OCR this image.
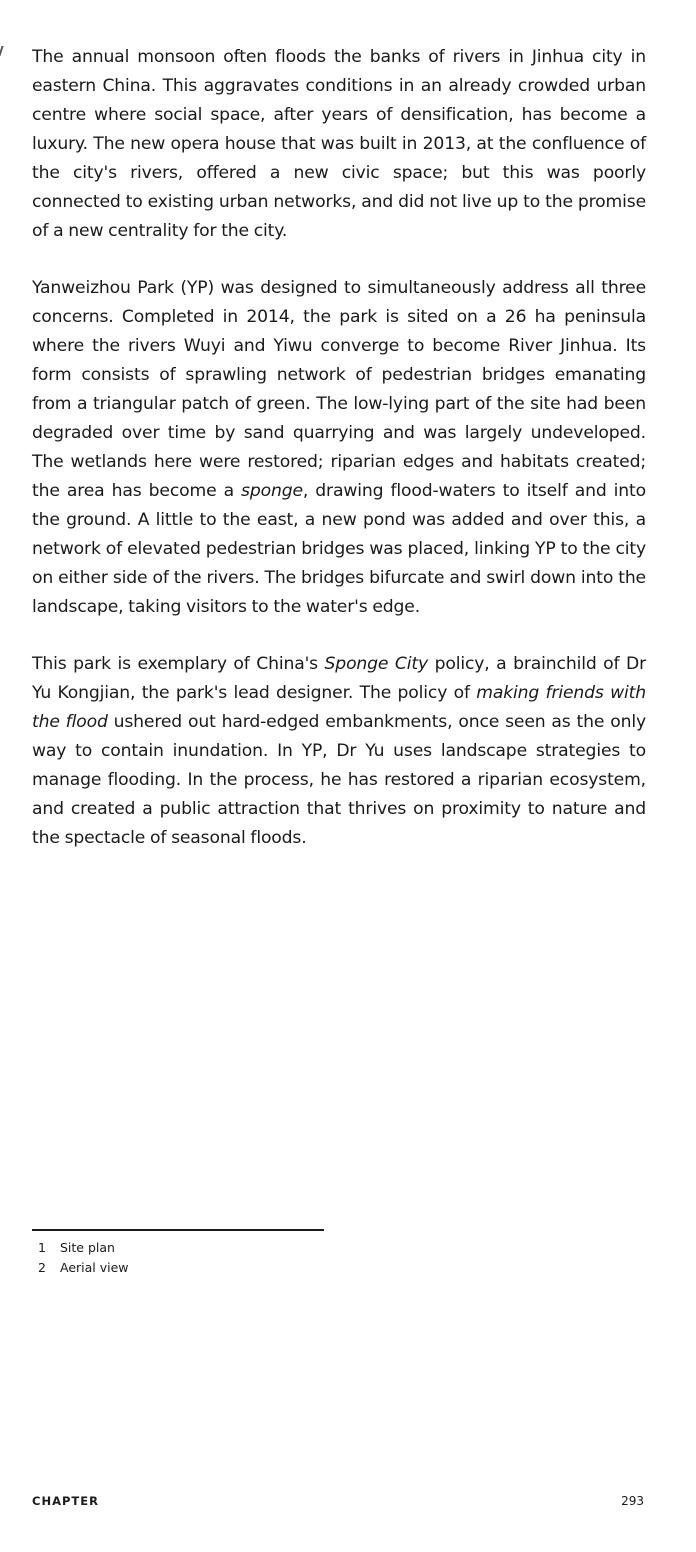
The annual monsoon often floods the banks of rivers in Jinhua city in eastern China. This aggravates conditions in an already crowded urban centre where social space, after years of densification, has become a luxury. The new opera house that was built in 2013, at the confluence of the city's rivers, offered a new civic space; but this was poorly connected to existing urban networks, and did not live up to the promise of a new centrality for the city.

Yanweizhou Park (YP) was designed to simultaneously address all three concerns. Completed in 2014, the park is sited on a 26 ha peninsula where the rivers Wuyi and Yiwu converge to become River Jinhua. Its form consists of sprawling network of pedestrian bridges emanating from a triangular patch of green. The low-lying part of the site had been degraded over time by sand quarrying and was largely undeveloped. The wetlands here were restored; riparian edges and habitats created; the area has become a sponge, drawing flood-waters to itself and into the ground. A little to the east, a new pond was added and over this, a network of elevated pedestrian bridges was placed, linking YP to the city on either side of the rivers. The bridges bifurcate and swirl down into the landscape, taking visitors to the water's edge.

This park is exemplary of China's Sponge City policy, a brainchild of Dr Yu Kongjian, the park's lead designer. The policy of making friends with the flood ushered out hard-edged embankments, once seen as the only way to contain inundation. In YP, Dr Yu uses landscape strategies to manage flooding. In the process, he has restored a riparian ecosystem, and created a public attraction that thrives on proximity to nature and the spectacle of seasonal floods.

1	Site plan
2	Aerial view
CHAPTER	293
